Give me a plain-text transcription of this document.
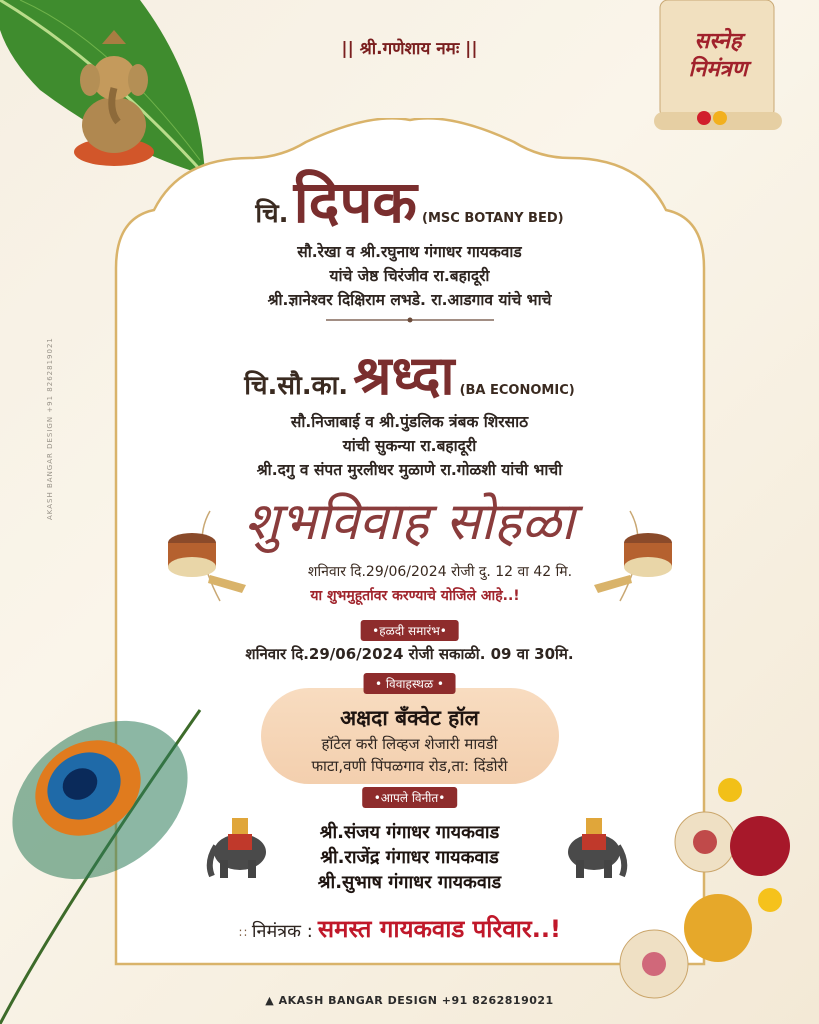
सस्नेह निमंत्रण
AKASH BANGAR DESIGN +91 8262819021
|| श्री.गणेशाय नमः ||
चि. दिपक (MSC BOTANY BED)
सौ.रेखा व श्री.रघुनाथ गंगाधर गायकवाड
यांचे जेष्ठ चिरंजीव रा.बहादूरी
श्री.ज्ञानेश्वर दिक्षिराम लभडे. रा.आडगाव यांचे भाचे
चि.सौ.का. श्रध्दा (BA ECONOMIC)
सौ.निजाबाई व श्री.पुंडलिक त्रंबक शिरसाठ
यांची सुकन्या रा.बहादूरी
श्री.दगु व संपत मुरलीधर मुळाणे रा.गोळशी यांची भाची
शुभविवाह सोहळा
शनिवार दि.29/06/2024 रोजी दु. 12 वा 42 मि.
या शुभमुहूर्तावर करण्याचे योजिले आहे..!
•हळदी समारंभ•
शनिवार दि.29/06/2024 रोजी सकाळी. 09 वा 30मि.
• विवाहस्थळ •
अक्षदा बॅंक्वेट हॉल
हॉटेल करी लिव्हज शेजारी मावडी
फाटा,वणी पिंपळगाव रोड,ता: दिंडोरी
•आपले विनीत•
श्री.संजय गंगाधर गायकवाड
श्री.राजेंद्र गंगाधर गायकवाड
श्री.सुभाष गंगाधर गायकवाड
∷ निमंत्रक : समस्त गायकवाड परिवार..!
▲ AKASH BANGAR DESIGN +91 8262819021
